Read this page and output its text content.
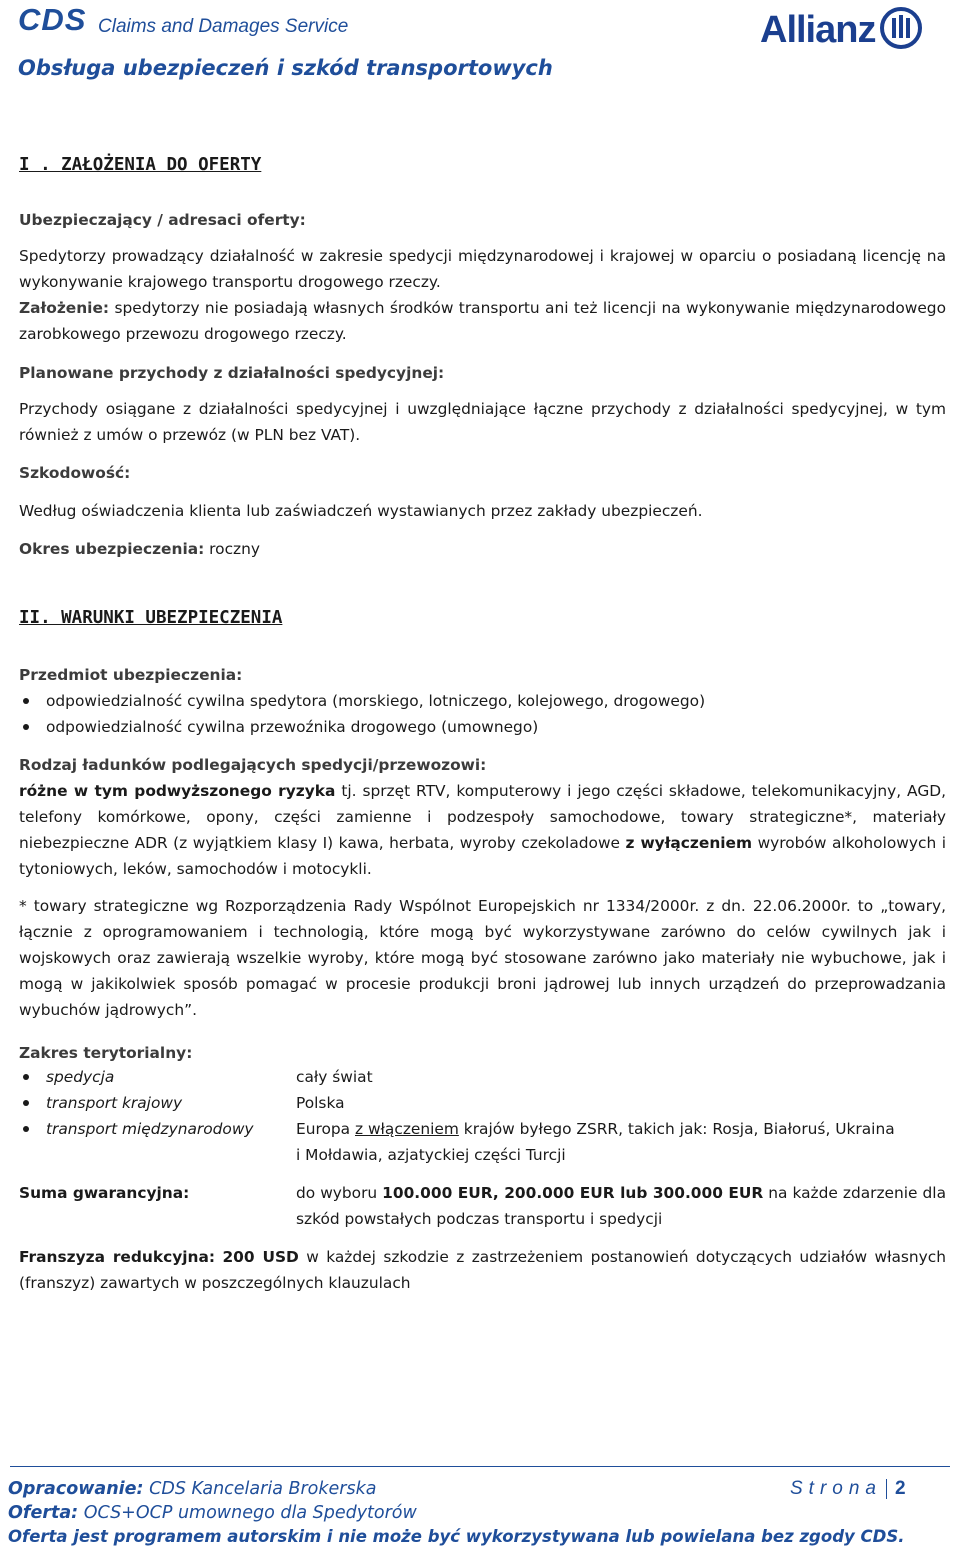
CDS Claims and Damages Service
Obsługa ubezpieczeń i szkód transportowych
Allianz
I . ZAŁOŻENIA DO OFERTY
Ubezpieczający / adresaci oferty:
Spedytorzy prowadzący działalność w zakresie spedycji międzynarodowej i krajowej w oparciu o posiadaną licencję na wykonywanie krajowego transportu drogowego rzeczy.
Założenie: spedytorzy nie posiadają własnych środków transportu ani też licencji na wykonywanie międzynarodowego zarobkowego przewozu drogowego rzeczy.
Planowane przychody z działalności spedycyjnej:
Przychody osiągane z działalności spedycyjnej i uwzględniające łączne przychody z działalności spedycyjnej, w tym również z umów o przewóz (w PLN bez VAT).
Szkodowość:
Według oświadczenia klienta lub zaświadczeń wystawianych przez zakłady ubezpieczeń.
Okres ubezpieczenia: roczny
II. WARUNKI UBEZPIECZENIA
Przedmiot ubezpieczenia:
odpowiedzialność cywilna spedytora (morskiego, lotniczego, kolejowego, drogowego)
odpowiedzialność cywilna przewoźnika drogowego (umownego)
Rodzaj ładunków podlegających spedycji/przewozowi:
różne w tym podwyższonego ryzyka tj. sprzęt RTV, komputerowy i jego części składowe, telekomunikacyjny, AGD, telefony komórkowe, opony, części zamienne i podzespoły samochodowe, towary strategiczne*, materiały niebezpieczne ADR (z wyjątkiem klasy I) kawa, herbata, wyroby czekoladowe z wyłączeniem wyrobów alkoholowych i tytoniowych, leków, samochodów i motocykli.
* towary strategiczne wg Rozporządzenia Rady Wspólnot Europejskich nr 1334/2000r. z dn. 22.06.2000r. to „towary, łącznie z oprogramowaniem i technologią, które mogą być wykorzystywane zarówno do celów cywilnych jak i wojskowych oraz zawierają wszelkie wyroby, które mogą być stosowane zarówno jako materiały nie wybuchowe, jak i mogą w jakikolwiek sposób pomagać w procesie produkcji broni jądrowej lub innych urządzeń do przeprowadzania wybuchów jądrowych”.
Zakres terytorialny:
spedycja	cały świat
transport krajowy	Polska
transport międzynarodowy	Europa z włączeniem krajów byłego ZSRR, takich jak: Rosja, Białoruś, Ukraina i Mołdawia, azjatyckiej części Turcji
Suma gwarancyjna:	do wyboru 100.000 EUR, 200.000 EUR lub 300.000 EUR na każde zdarzenie dla szkód powstałych podczas transportu i spedycji
Franszyza redukcyjna: 200 USD w każdej szkodzie z zastrzeżeniem postanowień dotyczących udziałów własnych (franszyz) zawartych w poszczególnych klauzulach
Opracowanie: CDS Kancelaria Brokerska	Strona 2
Oferta: OCS+OCP umownego dla Spedytorów
Oferta jest programem autorskim i nie może być wykorzystywana lub powielana bez zgody CDS.
